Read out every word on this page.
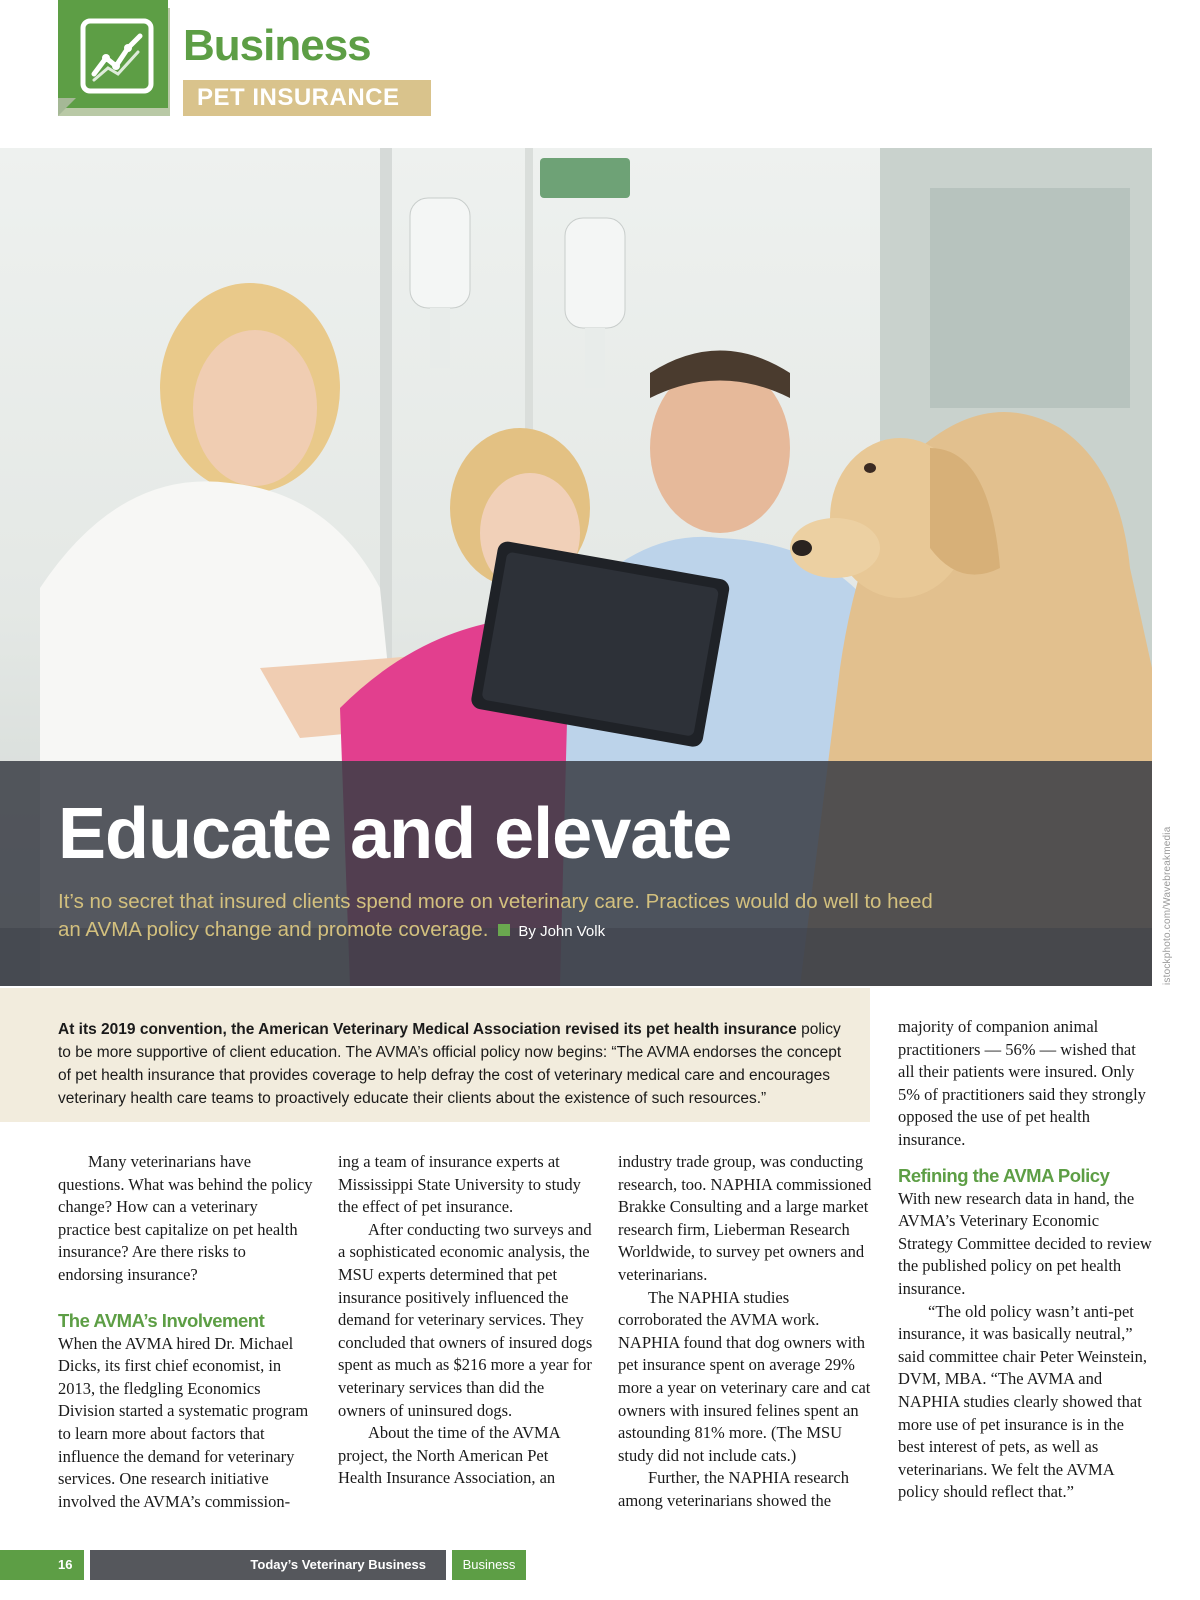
Business
PET INSURANCE
Educate and elevate
It’s no secret that insured clients spend more on veterinary care. Practices would do well to heed an AVMA policy change and promote coverage. By John Volk	istockphoto.com/Wavebreakmedia

At its 2019 convention, the American Veterinary Medical Association revised its pet health insurance policy to be more supportive of client education. The AVMA’s official policy now begins: “The AVMA endorses the concept of pet health insurance that provides coverage to help defray the cost of veterinary medical care and encourages veterinary health care teams to proactively educate their clients about the existence of such resources.”

Many veterinarians have questions. What was behind the policy change? How can a veterinary practice best capitalize on pet health insurance? Are there risks to endorsing insurance?

The AVMA’s Involvement

When the AVMA hired Dr. Michael Dicks, its first chief economist, in 2013, the fledgling Economics Division started a systematic program to learn more about factors that influence the demand for veterinary services. One research initiative involved the AVMA’s commission-

ing a team of insurance experts at Mississippi State University to study the effect of pet insurance.

After conducting two surveys and a sophisticated economic analysis, the MSU experts determined that pet insurance positively influenced the demand for veterinary services. They concluded that owners of insured dogs spent as much as $216 more a year for veterinary services than did the owners of uninsured dogs.

About the time of the AVMA project, the North American Pet Health Insurance Association, an

industry trade group, was conducting research, too. NAPHIA commissioned Brakke Consulting and a large market research firm, Lieberman Research Worldwide, to survey pet owners and veterinarians.

The NAPHIA studies corroborated the AVMA work. NAPHIA found that dog owners with pet insurance spent on average 29% more a year on veterinary care and cat owners with insured felines spent an astounding 81% more. (The MSU study did not include cats.)

Further, the NAPHIA research among veterinarians showed the

majority of companion animal practitioners — 56% — wished that all their patients were insured. Only 5% of practitioners said they strongly opposed the use of pet health insurance.

Refining the AVMA Policy

With new research data in hand, the AVMA’s Veterinary Economic Strategy Committee decided to review the published policy on pet health insurance.

“The old policy wasn’t anti-pet insurance, it was basically neutral,” said committee chair Peter Weinstein, DVM, MBA. “The AVMA and NAPHIA studies clearly showed that more use of pet insurance is in the best interest of pets, as well as veterinarians. We felt the AVMA policy should reflect that.”

16	Today’s Veterinary Business	Business
